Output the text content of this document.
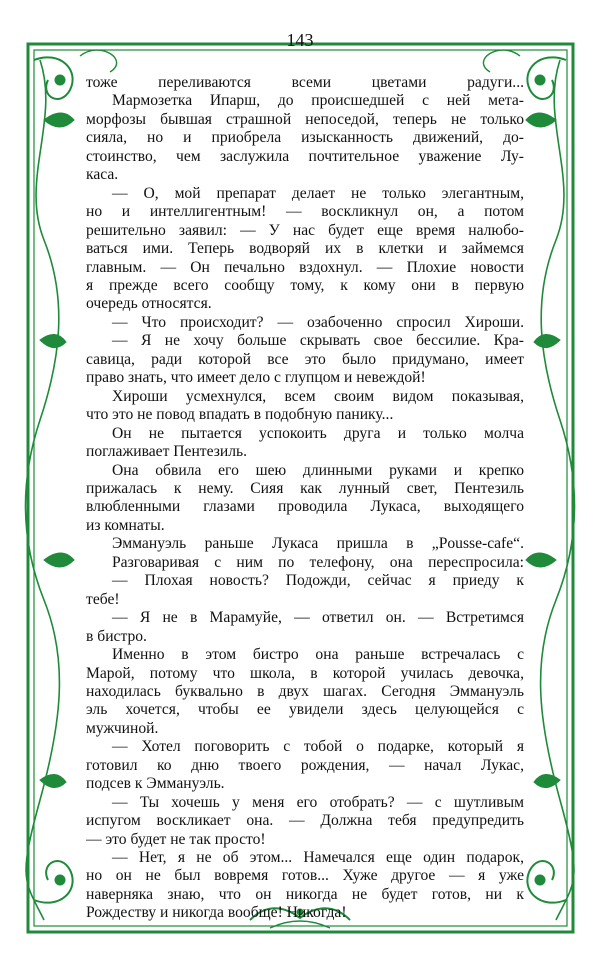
143
тоже переливаются всеми цветами радуги...
Мармозетка Ипарш, до происшедшей с ней мета-
морфозы бывшая страшной непоседой, теперь не только
сияла, но и приобрела изысканность движений, до-
стоинство, чем заслужила почтительное уважение Лу-
каса.
— О, мой препарат делает не только элегантным,
но и интеллигентным! — воскликнул он, а потом
решительно заявил: — У нас будет еще время налюбо-
ваться ими. Теперь водворяй их в клетки и займемся
главным. — Он печально вздохнул. — Плохие новости
я прежде всего сообщу тому, к кому они в первую
очередь относятся.
— Что происходит? — озабоченно спросил Хироши.
— Я не хочу больше скрывать свое бессилие. Кра-
савица, ради которой все это было придумано, имеет
право знать, что имеет дело с глупцом и невеждой!
Хироши усмехнулся, всем своим видом показывая,
что это не повод впадать в подобную панику...
Он не пытается успокоить друга и только молча
поглаживает Пентезиль.
Она обвила его шею длинными руками и крепко
прижалась к нему. Сияя как лунный свет, Пентезиль
влюбленными глазами проводила Лукаса, выходящего
из комнаты.
Эммануэль раньше Лукаса пришла в „Pousse-cafe“.
Разговаривая с ним по телефону, она переспросила:
— Плохая новость? Подожди, сейчас я приеду к
тебе!
— Я не в Марамуйе, — ответил он. — Встретимся
в бистро.
Именно в этом бистро она раньше встречалась с
Марой, потому что школа, в которой училась девочка,
находилась буквально в двух шагах. Сегодня Эммануэль
эль хочется, чтобы ее увидели здесь целующейся с
мужчиной.
— Хотел поговорить с тобой о подарке, который я
готовил ко дню твоего рождения, — начал Лукас,
подсев к Эммануэль.
— Ты хочешь у меня его отобрать? — с шутливым
испугом воскликает она. — Должна тебя предупредить
— это будет не так просто!
— Нет, я не об этом... Намечался еще один подарок,
но он не был вовремя готов... Хуже другое — я уже
наверняка знаю, что он никогда не будет готов, ни к
Рождеству и никогда вообще! Никогда!
